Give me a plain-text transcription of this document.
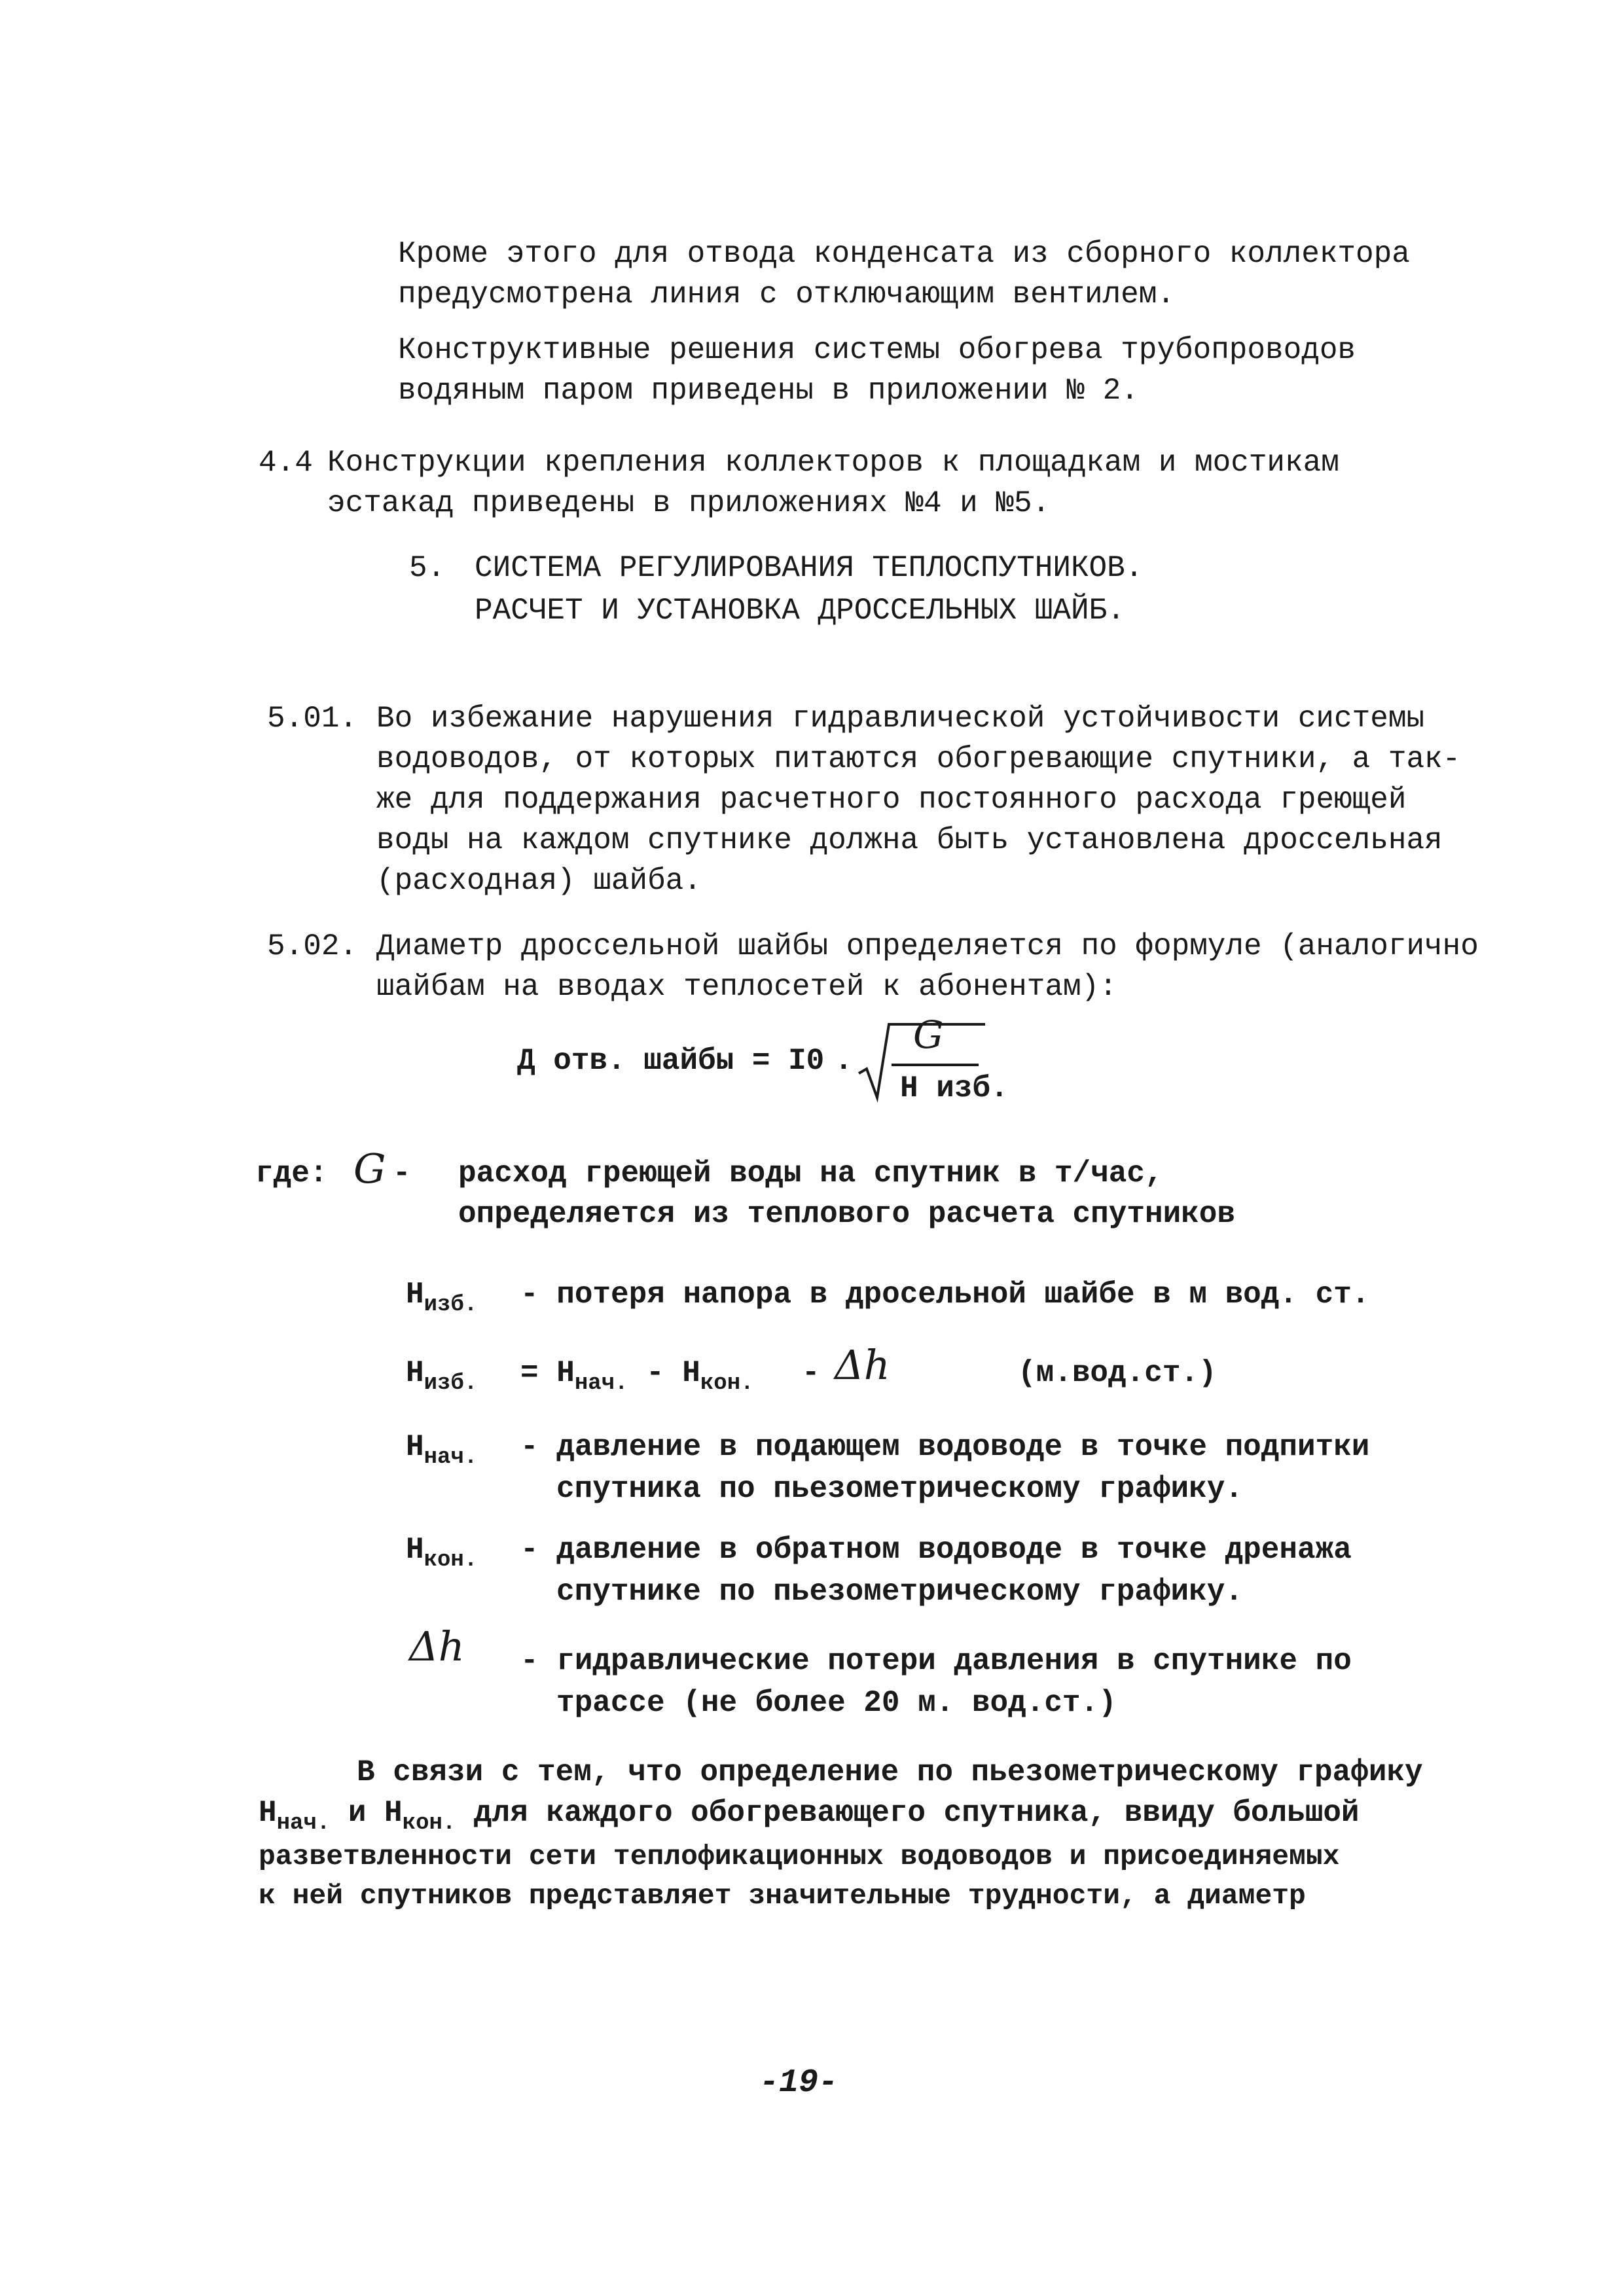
Кроме этого для отвода конденсата из сборного коллектора
предусмотрена линия с отключающим вентилем.
Конструктивные решения системы обогрева трубопроводов
водяным паром приведены в приложении № 2.
4.4 Конструкции крепления коллекторов к площадкам и мостикам
эстакад приведены в приложениях №4 и №5.
5. СИСТЕМА РЕГУЛИРОВАНИЯ ТЕПЛОСПУТНИКОВ.
РАСЧЕТ И УСТАНОВКА ДРОССЕЛЬНЫХ ШАЙБ.
5.01. Во избежание нарушения гидравлической устойчивости системы
водоводов, от которых питаются обогревающие спутники, а так-
же для поддержания расчетного постоянного расхода греющей
воды на каждом спутнике должна быть установлена дроссельная
(расходная) шайба.
5.02. Диаметр дроссельной шайбы определяется по формуле (аналогично
шайбам на вводах теплосетей к абонентам):
Д отв. шайбы = I0 .
G
Н изб.
где: G - расход греющей воды на спутник в т/час,
определяется из теплового расчета спутников
$Н_{изб.}$ - потеря напора в дросельной шайбе в м вод. ст.
$Н_{изб.} = Н_{нач.} - Н_{кон.} - \Delta h$	(м.вод.ст.)
$Н_{нач.}$ - давление в подающем водоводе в точке подпитки
спутника по пьезометрическому графику.
$Н_{кон.}$ - давление в обратном водоводе в точке дренажа
спутнике по пьезометрическому графику.
Δh - гидравлические потери давления в спутнике по
трассе (не более 20 м. вод.ст.)
В связи с тем, что определение по пьезометрическому графику
$Н_{нач.}$ и $Н_{кон.}$ для каждого обогревающего спутника, ввиду большой
разветвленности сети теплофикационных водоводов и присоединяемых
к ней спутников представляет значительные трудности, а диаметр
-19-
